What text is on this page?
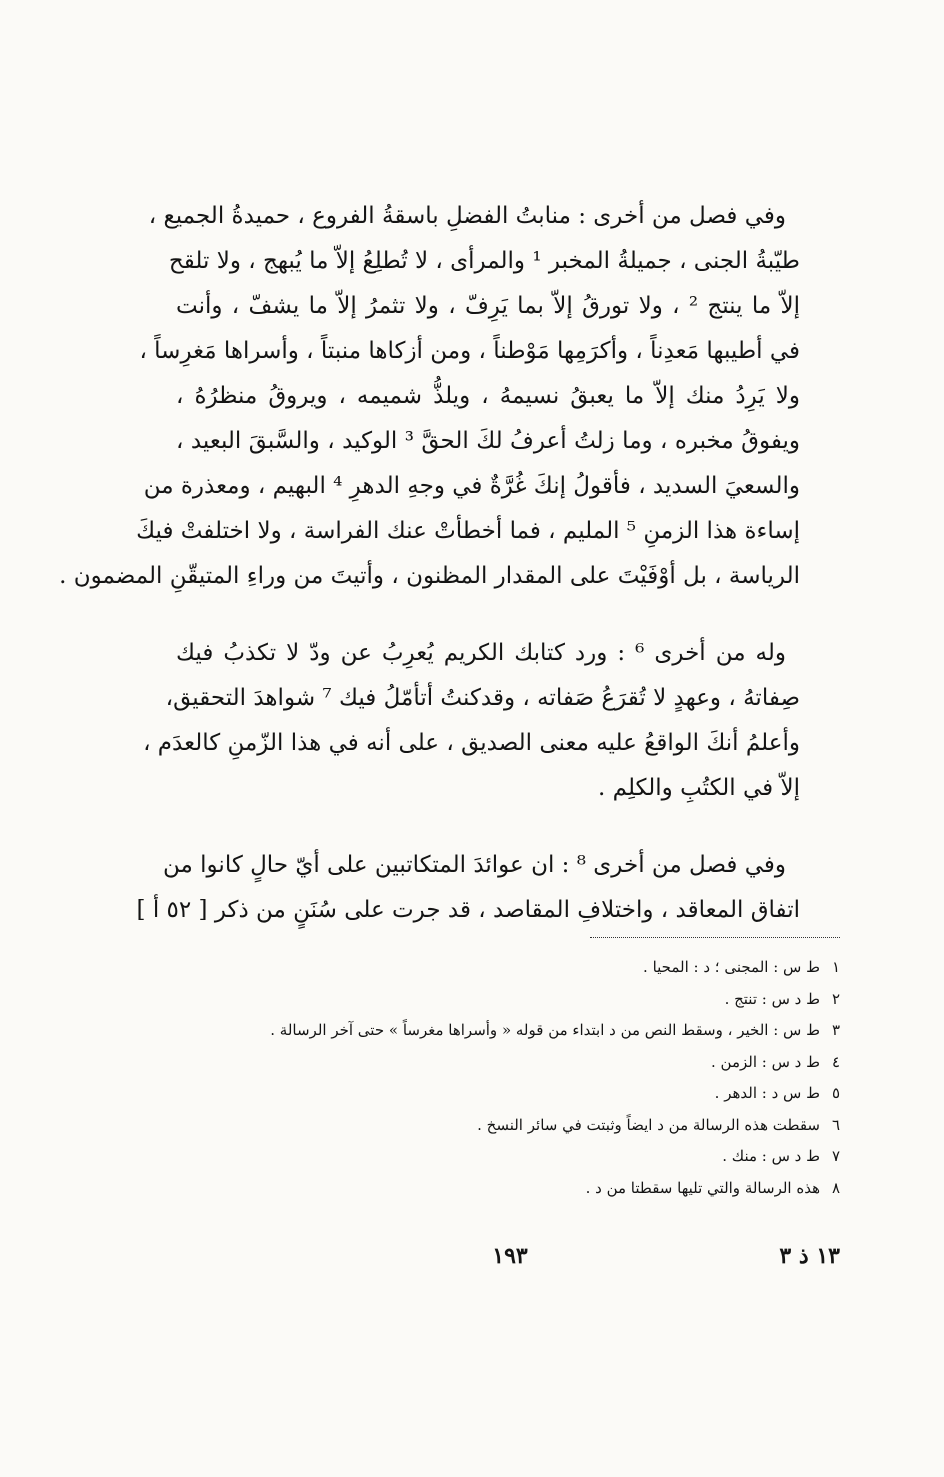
وفي فصل من أخرى : منابتُ الفضلِ باسقةُ الفروع ، حميدةُ الجميع ،
طيّبةُ الجنى ، جميلةُ المخبر ¹ والمرأى ، لا تُطلِعُ إلاّ ما يُبهج ، ولا تلقح
إلاّ ما ينتج ² ، ولا تورقُ إلاّ بما يَرِفّ ، ولا تثمرُ إلاّ ما يشفّ ، وأنت
في أطيبها مَعدِناً ، وأكرَمِها مَوْطناً ، ومن أزكاها منبتاً ، وأسراها مَغرِساً ،
ولا يَرِدُ منك إلاّ ما يعبقُ نسيمهُ ، ويلذُّ شميمه ، ويروقُ منظرُهُ ،
ويفوقُ مخبره ، وما زلتُ أعرفُ لكَ الحقَّ ³ الوكيد ، والسَّبقَ البعيد ،
والسعيَ السديد ، فأقولُ إنكَ غُرَّةٌ في وجهِ الدهرِ ⁴ البهيم ، ومعذرة من
إساءة هذا الزمنِ ⁵ المليم ، فما أخطأتْ عنك الفراسة ، ولا اختلفتْ فيكَ
الرياسة ، بل أوْفَيْتَ على المقدار المظنون ، وأتيتَ من وراءِ المتيقّنِ المضمون .
وله من أخرى ⁶ : ورد كتابك الكريم يُعرِبُ عن ودّ لا تكذبُ فيك
صِفاتهُ ، وعهدٍ لا تُقرَعُ صَفاته ، وقدكنتُ أتأمّلُ فيك ⁷ شواهدَ التحقيق،
وأعلمُ أنكَ الواقعُ عليه معنى الصديق ، على أنه في هذا الزّمنِ كالعدَم ،
إلاّ في الكتُبِ والكلِم .
وفي فصل من أخرى ⁸ : ان عوائدَ المتكاتبين على أيّ حالٍ كانوا من
اتفاق المعاقد ، واختلافِ المقاصد ، قد جرت على سُنَنٍ من ذكر [ ٥٢ أ ]
١ط س : المجنى ؛ د : المحيا .
٢ط د س : تنتج .
٣ط س : الخير ، وسقط النص من د ابتداء من قوله « وأسراها مغرساً » حتى آخر الرسالة .
٤ط د س : الزمن .
٥ط س د : الدهر .
٦سقطت هذه الرسالة من د ايضاً وثبتت في سائر النسخ .
٧ط د س : منك .
٨هذه الرسالة والتي تليها سقطتا من د .
١٩٣	١٣ ذ ٣
